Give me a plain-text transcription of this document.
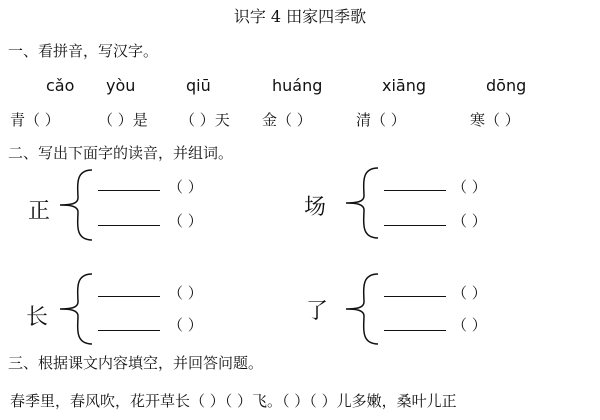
识字 4 田家四季歌
一、看拼音，写汉字。
cǎo yòu	qiū	huáng	xiāng	dōng
青（ ）	（ ）是 （ ）天 金（ ）	清（ ）	寒（ ）
二、写出下面字的读音，并组词。
正
（ ）
（ ）
场
（ ）
（ ）
长
（ ）
（ ）
了
（ ）
（ ）
三、根据课文内容填空，并回答问题。
春季里，春风吹，花开草长（ ）（ ）飞。（ ）（ ）儿多嫩，桑叶儿正
